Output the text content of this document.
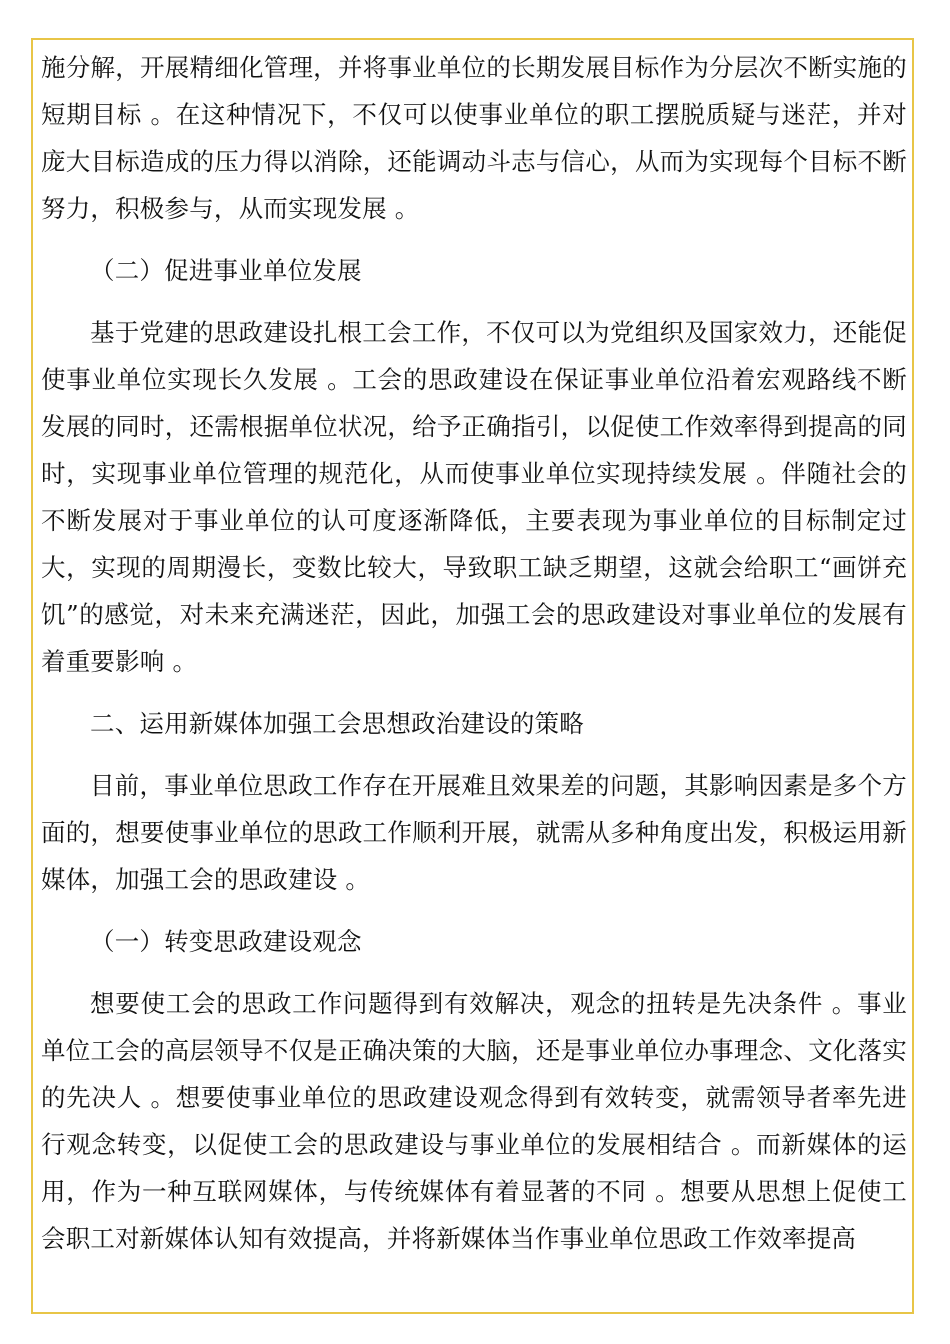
施分解，开展精细化管理，并将事业单位的长期发展目标作为分层次不断实施的短期目标 。在这种情况下，不仅可以使事业单位的职工摆脱质疑与迷茫，并对庞大目标造成的压力得以消除，还能调动斗志与信心，从而为实现每个目标不断努力，积极参与，从而实现发展 。

（二）促进事业单位发展

基于党建的思政建设扎根工会工作，不仅可以为党组织及国家效力，还能促使事业单位实现长久发展 。工会的思政建设在保证事业单位沿着宏观路线不断发展的同时，还需根据单位状况，给予正确指引，以促使工作效率得到提高的同时，实现事业单位管理的规范化，从而使事业单位实现持续发展 。伴随社会的不断发展对于事业单位的认可度逐渐降低，主要表现为事业单位的目标制定过大，实现的周期漫长，变数比较大，导致职工缺乏期望，这就会给职工“画饼充饥”的感觉，对未来充满迷茫，因此，加强工会的思政建设对事业单位的发展有着重要影响 。

二、运用新媒体加强工会思想政治建设的策略

目前，事业单位思政工作存在开展难且效果差的问题，其影响因素是多个方面的，想要使事业单位的思政工作顺利开展，就需从多种角度出发，积极运用新媒体，加强工会的思政建设 。

（一）转变思政建设观念

想要使工会的思政工作问题得到有效解决，观念的扭转是先决条件 。事业单位工会的高层领导不仅是正确决策的大脑，还是事业单位办事理念、文化落实的先决人 。想要使事业单位的思政建设观念得到有效转变，就需领导者率先进行观念转变，以促使工会的思政建设与事业单位的发展相结合 。而新媒体的运用，作为一种互联网媒体，与传统媒体有着显著的不同 。想要从思想上促使工会职工对新媒体认知有效提高，并将新媒体当作事业单位思政工作效率提高
